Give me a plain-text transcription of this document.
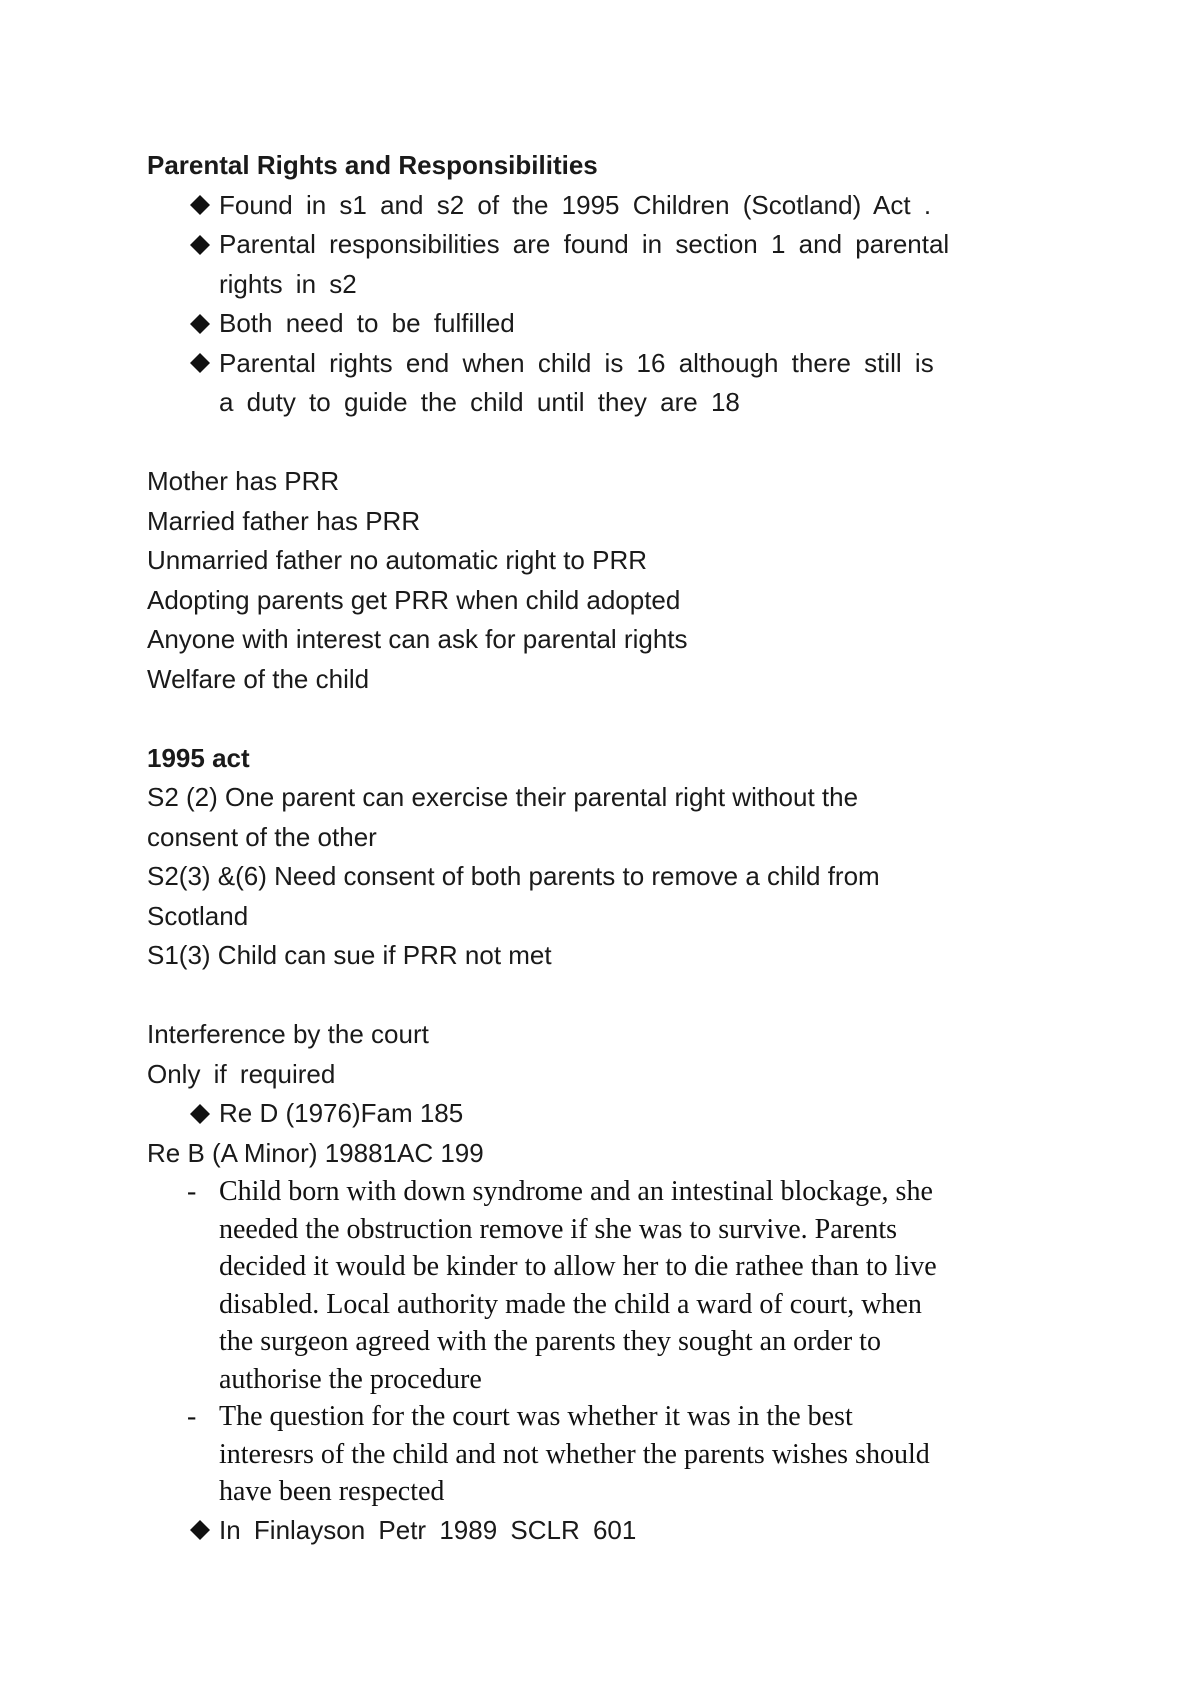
Parental Rights and Responsibilities
Found in s1 and s2 of the 1995 Children (Scotland) Act .
Parental responsibilities are found in section 1 and parental
rights in s2
Both need to be fulfilled
Parental rights end when child is 16 although there still is
a duty to guide the child until they are 18
Mother has PRR
Married father has PRR
Unmarried father no automatic right to PRR
Adopting parents get PRR when child adopted
Anyone with interest can ask for parental rights
Welfare of the child
1995 act
S2 (2) One parent can exercise their parental right without the
consent of the other
S2(3) &(6) Need consent of both parents to remove a child from
Scotland
S1(3) Child can sue if PRR not met
Interference by the court
Only if required
Re D (1976)Fam 185
Re B (A Minor) 19881AC 199
- Child born with down syndrome and an intestinal blockage, she
needed the obstruction remove if she was to survive. Parents
decided it would be kinder to allow her to die rathee than to live
disabled. Local authority made the child a ward of court, when
the surgeon agreed with the parents they sought an order to
authorise the procedure
- The question for the court was whether it was in the best
interesrs of the child and not whether the parents wishes should
have been respected
In Finlayson Petr 1989 SCLR 601
